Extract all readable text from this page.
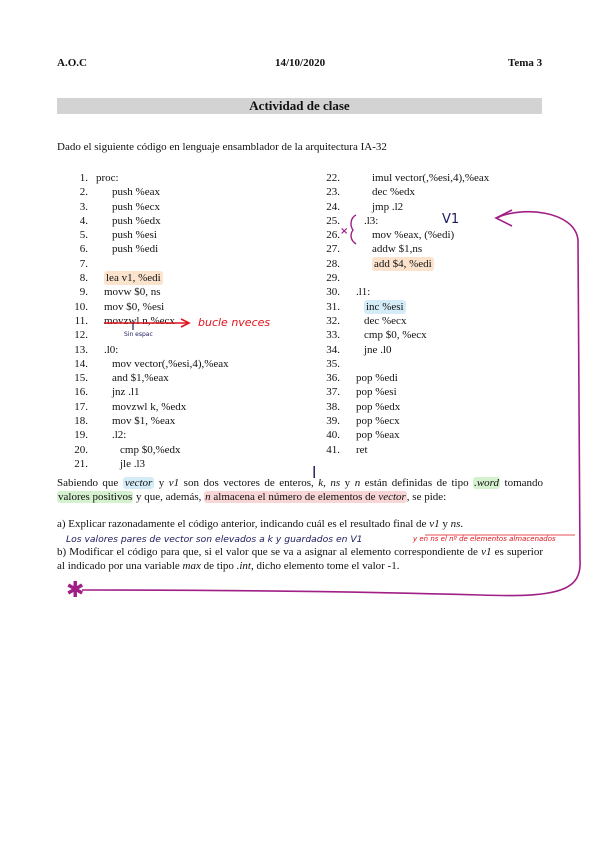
A.O.C	14/10/2020	Tema 3
Actividad de clase
Dado el siguiente código en lenguaje ensamblador de la arquitectura IA-32
1. proc:
2. push %eax
3. push %ecx
4. push %edx
5. push %esi
6. push %edi
7.
8. lea v1, %edi
9. movw $0, ns
10. mov $0, %esi
11. movzwl n,%ecx
12.
13. .l0:
14. mov vector(,%esi,4),%eax
15. and $1,%eax
16. jnz .l1
17. movzwl k, %edx
18. mov $1, %eax
19. .l2:
20.	cmp $0,%edx
21.	jle .l3
22.	imul vector(,%esi,4),%eax
23.	dec %edx
24.	jmp .l2
25. .l3:
26.	mov %eax, (%edi)
27.	addw $1,ns
28.	add $4, %edi
29.
30. .l1:
31. inc %esi
32. dec %ecx
33. cmp $0, %ecx
34. jne .l0
35.
36. pop %edi
37. pop %esi
38. pop %edx
39. pop %ecx
40. pop %eax
41. ret
Sabiendo que vector y v1 son dos vectores de enteros, k, ns y n están definidas de tipo .word tomando valores positivos y que, además, n almacena el número de elementos de vector, se pide:
a) Explicar razonadamente el código anterior, indicando cuál es el resultado final de v1 y ns.
b) Modificar el código para que, si el valor que se va a asignar al elemento correspondiente de v1 es superior al indicado por una variable max de tipo .int, dicho elemento tome el valor -1.
bucle nveces
Sin espac
V1
×
l
Los valores pares de vector son elevados a k y guardados en V1	y en ns el nº de elementos almacenados
✱
